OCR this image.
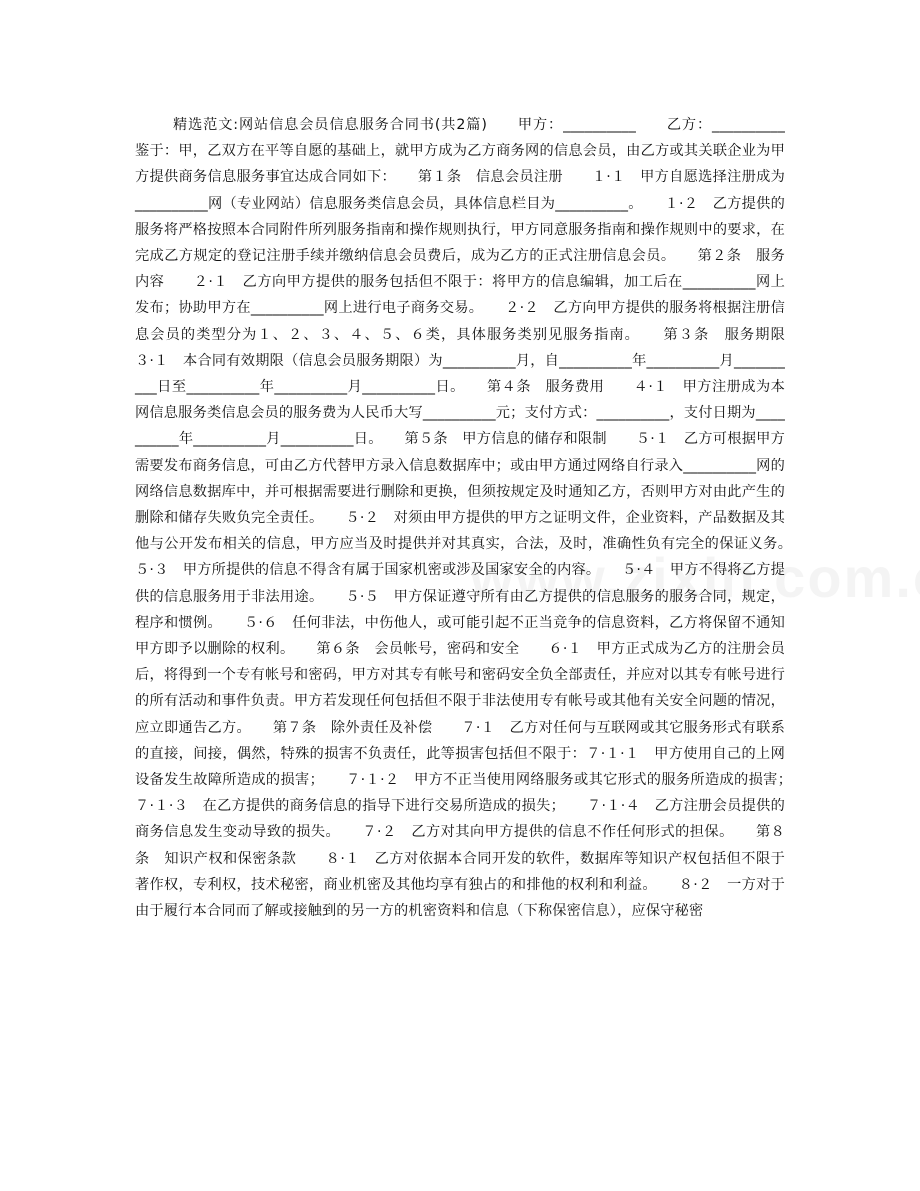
精选范文:网站信息会员信息服务合同书(共2篇)　　甲方：__________　　乙方：__________　　鉴于：甲，乙双方在平等自愿的基础上，就甲方成为乙方商务网的信息会员，由乙方或其关联企业为甲方提供商务信息服务事宜达成合同如下：　　第１条　信息会员注册　　１·１　甲方自愿选择注册成为__________网（专业网站）信息服务类信息会员，具体信息栏目为__________。　　１·２　乙方提供的服务将严格按照本合同附件所列服务指南和操作规则执行，甲方同意服务指南和操作规则中的要求，在完成乙方规定的登记注册手续并缴纳信息会员费后，成为乙方的正式注册信息会员。　　第２条　服务内容　　２·１　乙方向甲方提供的服务包括但不限于：将甲方的信息编辑，加工后在__________网上发布；协助甲方在__________网上进行电子商务交易。　　２·２　乙方向甲方提供的服务将根据注册信息会员的类型分为１、２、３、４、５、６类，具体服务类别见服务指南。　　第３条　服务期限　　３·１　本合同有效期限（信息会员服务期限）为__________月，自__________年__________月__________日至__________年__________月__________日。　　第４条　服务费用　　４·１　甲方注册成为本网信息服务类信息会员的服务费为人民币大写__________元；支付方式：__________，支付日期为__________年__________月__________日。　　第５条　甲方信息的储存和限制　　５·１　乙方可根据甲方需要发布商务信息，可由乙方代替甲方录入信息数据库中；或由甲方通过网络自行录入__________网的网络信息数据库中，并可根据需要进行删除和更换，但须按规定及时通知乙方，否则甲方对由此产生的删除和储存失败负完全责任。　　５·２　对须由甲方提供的甲方之证明文件，企业资料，产品数据及其他与公开发布相关的信息，甲方应当及时提供并对其真实，合法，及时，准确性负有完全的保证义务。　　５·３　甲方所提供的信息不得含有属于国家机密或涉及国家安全的内容。　　５·４　甲方不得将乙方提供的信息服务用于非法用途。　　５·５　甲方保证遵守所有由乙方提供的信息服务的服务合同，规定，程序和惯例。　　５·６　任何非法，中伤他人，或可能引起不正当竞争的信息资料，乙方将保留不通知甲方即予以删除的权利。　　第６条　会员帐号，密码和安全　　６·１　甲方正式成为乙方的注册会员后，将得到一个专有帐号和密码，甲方对其专有帐号和密码安全负全部责任，并应对以其专有帐号进行的所有活动和事件负责。甲方若发现任何包括但不限于非法使用专有帐号或其他有关安全问题的情况，应立即通告乙方。　　第７条　除外责任及补偿　　７·１　乙方对任何与互联网或其它服务形式有联系的直接，间接，偶然，特殊的损害不负责任，此等损害包括但不限于：７·１·１　甲方使用自己的上网设备发生故障所造成的损害；　　７·１·２　甲方不正当使用网络服务或其它形式的服务所造成的损害；　　７·１·３　在乙方提供的商务信息的指导下进行交易所造成的损失；　　７·１·４　乙方注册会员提供的商务信息发生变动导致的损失。　　７·２　乙方对其向甲方提供的信息不作任何形式的担保。　　第８条　知识产权和保密条款　　８·１　乙方对依据本合同开发的软件，数据库等知识产权包括但不限于著作权，专利权，技术秘密，商业机密及其他均享有独占的和排他的权利和利益。　　８·２　一方对于由于履行本合同而了解或接触到的另一方的机密资料和信息（下称保密信息），应保守秘密
